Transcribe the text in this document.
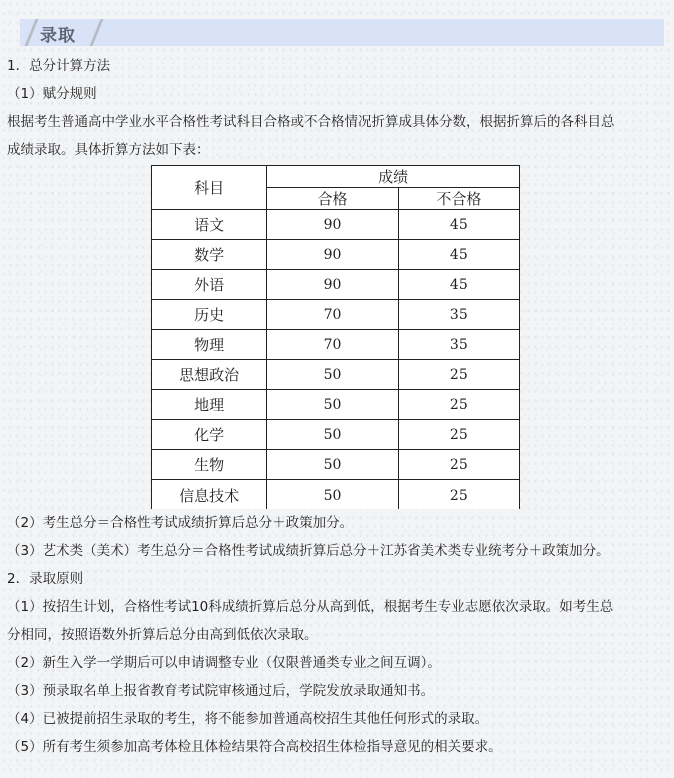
录取
1．总分计算方法
（1）赋分规则
根据考生普通高中学业水平合格性考试科目合格或不合格情况折算成具体分数，根据折算后的各科目总
成绩录取。具体折算方法如下表：
科目	成绩	
	合格	不合格
语文	90	45
数学	90	45
外语	90	45
历史	70	35
物理	70	35
思想政治	50	25
地理	50	25
化学	50	25
生物	50	25
信息技术	50	25
（2）考生总分＝合格性考试成绩折算后总分＋政策加分。
（3）艺术类（美术）考生总分＝合格性考试成绩折算后总分＋江苏省美术类专业统考分＋政策加分。
2．录取原则
（1）按招生计划，合格性考试10科成绩折算后总分从高到低，根据考生专业志愿依次录取。如考生总
分相同，按照语数外折算后总分由高到低依次录取。
（2）新生入学一学期后可以申请调整专业（仅限普通类专业之间互调）。
（3）预录取名单上报省教育考试院审核通过后，学院发放录取通知书。
（4）已被提前招生录取的考生，将不能参加普通高校招生其他任何形式的录取。
（5）所有考生须参加高考体检且体检结果符合高校招生体检指导意见的相关要求。
